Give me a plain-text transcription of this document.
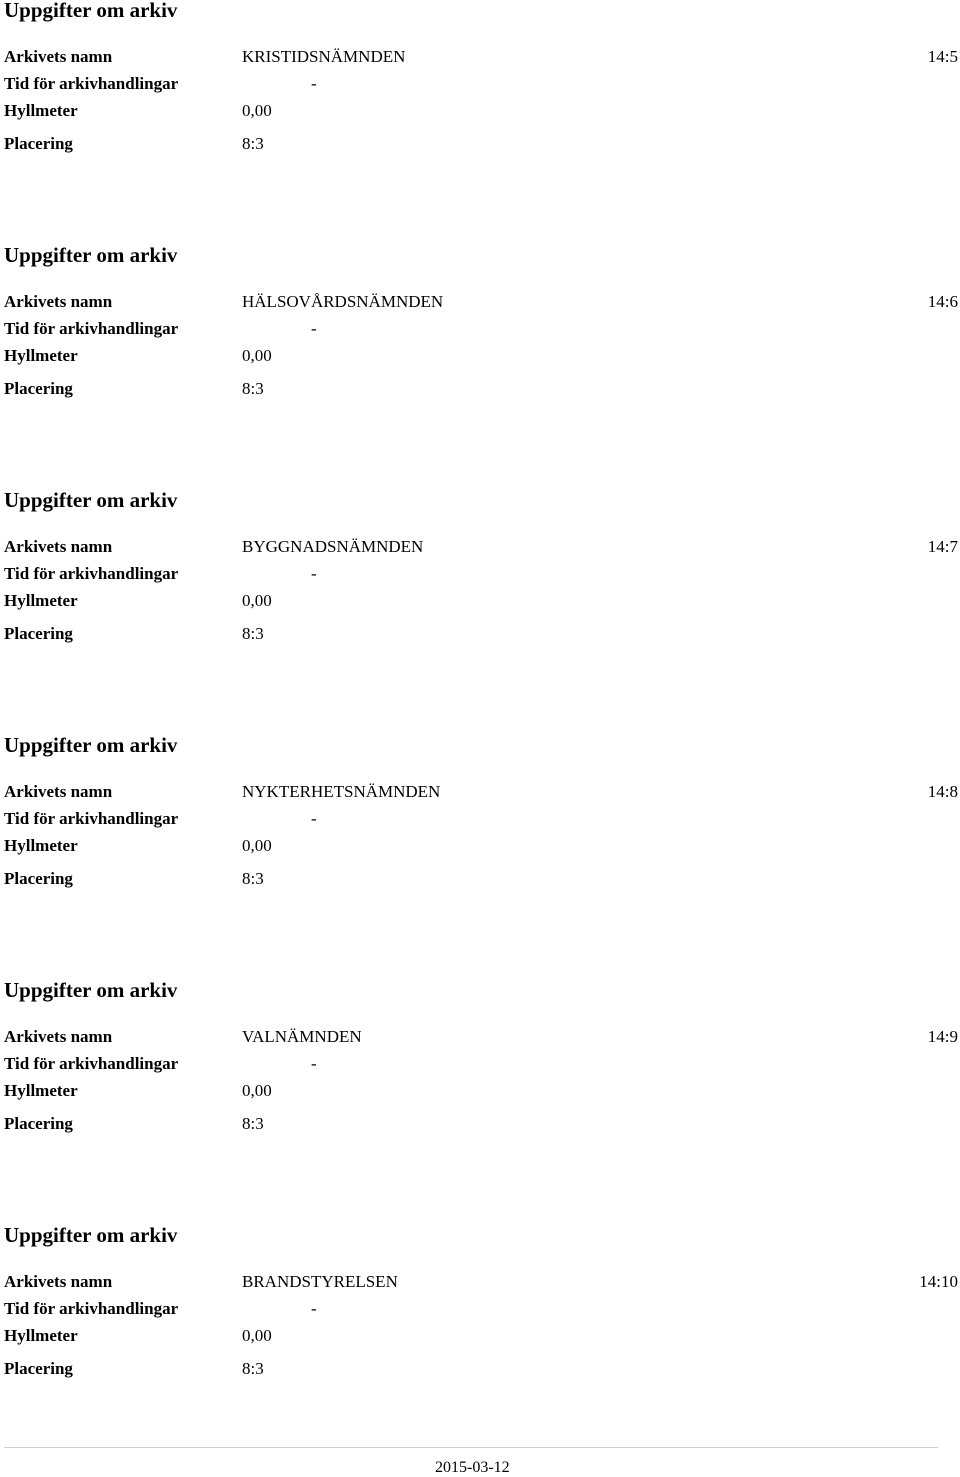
Uppgifter om arkiv
Arkivets namn	KRISTIDSNÄMNDEN	14:5
Tid för arkivhandlingar	-
Hyllmeter	0,00
Placering	8:3
Uppgifter om arkiv
Arkivets namn	HÄLSOVÅRDSNÄMNDEN	14:6
Tid för arkivhandlingar	-
Hyllmeter	0,00
Placering	8:3
Uppgifter om arkiv
Arkivets namn	BYGGNADSNÄMNDEN	14:7
Tid för arkivhandlingar	-
Hyllmeter	0,00
Placering	8:3
Uppgifter om arkiv
Arkivets namn	NYKTERHETSNÄMNDEN	14:8
Tid för arkivhandlingar	-
Hyllmeter	0,00
Placering	8:3
Uppgifter om arkiv
Arkivets namn	VALNÄMNDEN	14:9
Tid för arkivhandlingar	-
Hyllmeter	0,00
Placering	8:3
Uppgifter om arkiv
Arkivets namn	BRANDSTYRELSEN	14:10
Tid för arkivhandlingar	-
Hyllmeter	0,00
Placering	8:3
2015-03-12
